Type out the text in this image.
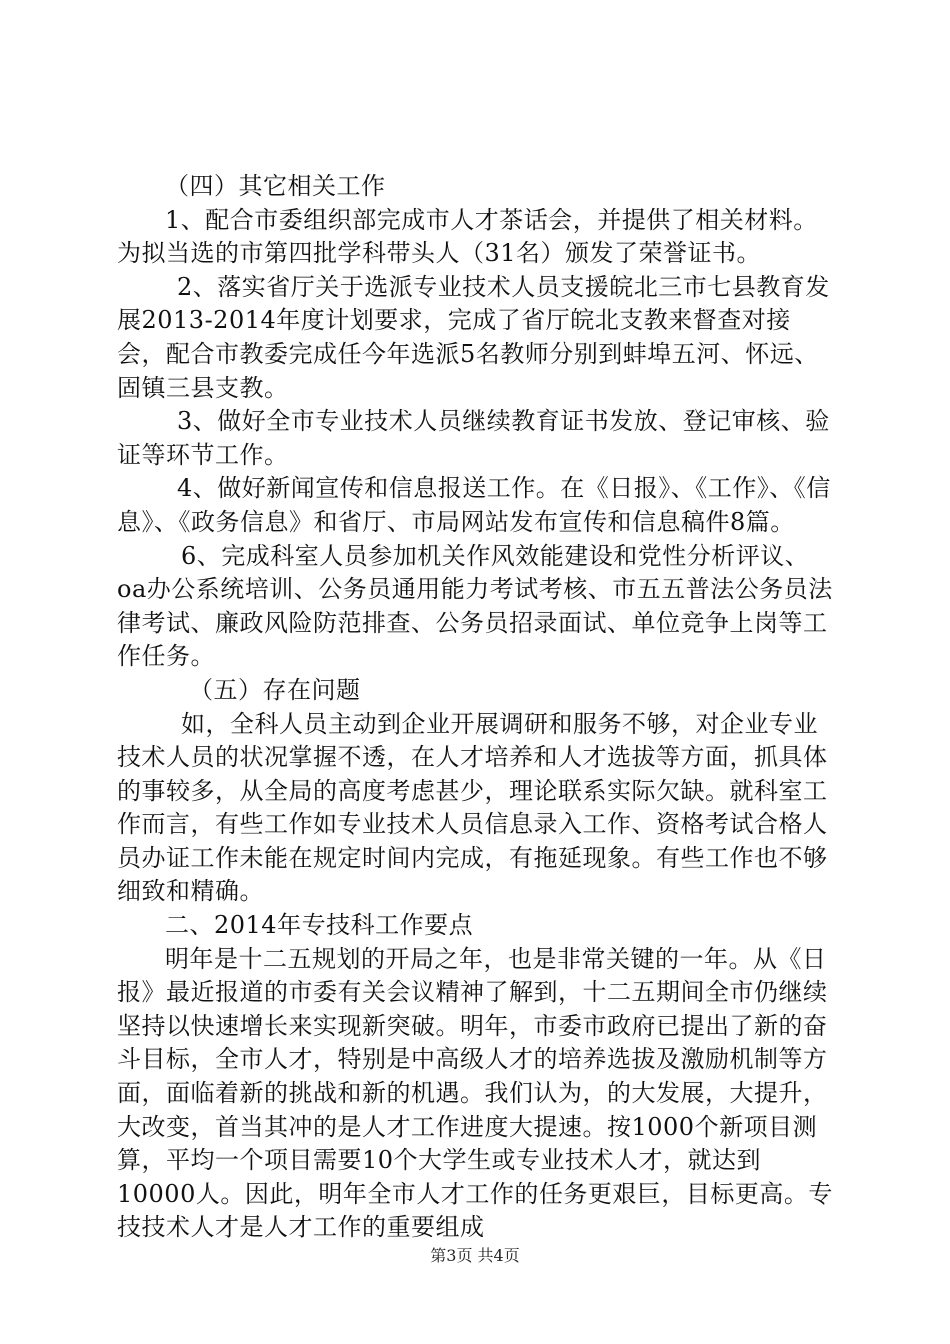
（四）其它相关工作

1、配合市委组织部完成市人才茶话会，并提供了相关材料。为拟当选的市第四批学科带头人（31名）颁发了荣誉证书。

2、落实省厅关于选派专业技术人员支援皖北三市七县教育发展2013-2014年度计划要求，完成了省厅皖北支教来督查对接会，配合市教委完成任今年选派5名教师分别到蚌埠五河、怀远、固镇三县支教。

3、做好全市专业技术人员继续教育证书发放、登记审核、验证等环节工作。

4、做好新闻宣传和信息报送工作。在《日报》、《工作》、《信息》、《政务信息》和省厅、市局网站发布宣传和信息稿件8篇。

6、完成科室人员参加机关作风效能建设和党性分析评议、oa办公系统培训、公务员通用能力考试考核、市五五普法公务员法律考试、廉政风险防范排查、公务员招录面试、单位竞争上岗等工作任务。

（五）存在问题

如，全科人员主动到企业开展调研和服务不够，对企业专业技术人员的状况掌握不透，在人才培养和人才选拔等方面，抓具体的事较多，从全局的高度考虑甚少，理论联系实际欠缺。就科室工作而言，有些工作如专业技术人员信息录入工作、资格考试合格人员办证工作未能在规定时间内完成，有拖延现象。有些工作也不够细致和精确。

二、2014年专技科工作要点

明年是十二五规划的开局之年，也是非常关键的一年。从《日报》最近报道的市委有关会议精神了解到，十二五期间全市仍继续坚持以快速增长来实现新突破。明年，市委市政府已提出了新的奋斗目标，全市人才，特别是中高级人才的培养选拔及激励机制等方面，面临着新的挑战和新的机遇。我们认为，的大发展，大提升，大改变，首当其冲的是人才工作进度大提速。按1000个新项目测算，平均一个项目需要10个大学生或专业技术人才，就达到10000人。因此，明年全市人才工作的任务更艰巨，目标更高。专技技术人才是人才工作的重要组成

第3页 共4页
